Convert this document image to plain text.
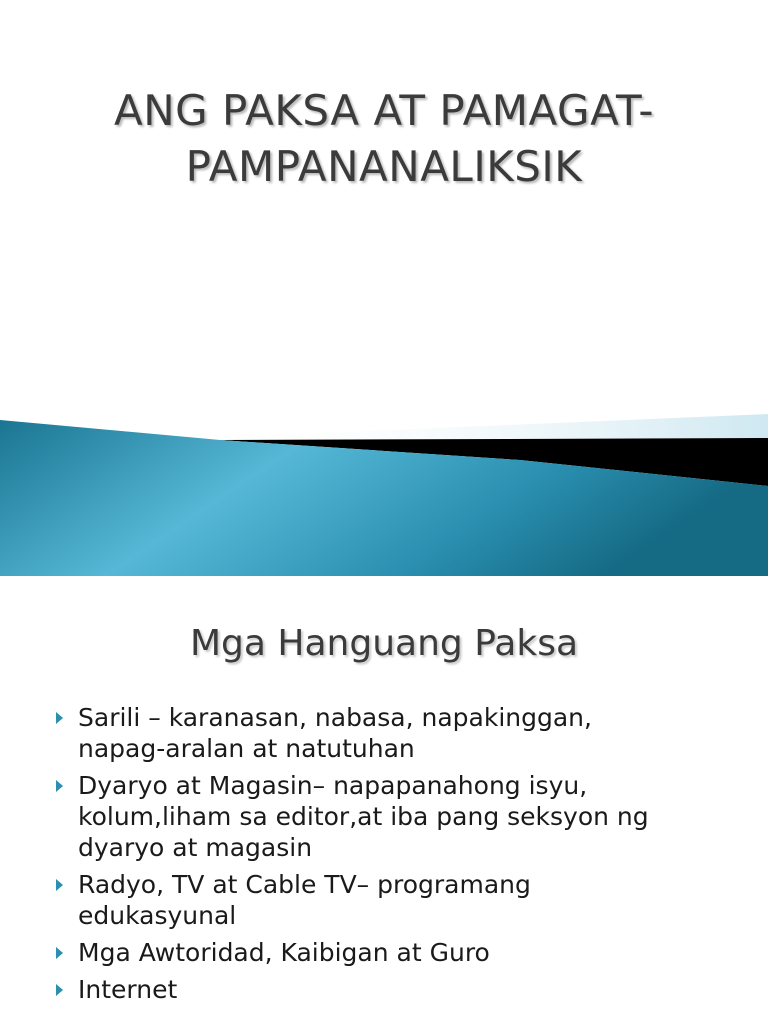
ANG PAKSA AT PAMAGAT-
PAMPANANALIKSIK
Mga Hanguang Paksa
Sarili – karanasan, nabasa, napakinggan,
napag-aralan at natutuhan
Dyaryo at Magasin– napapanahong isyu,
kolum,liham sa editor,at iba pang seksyon ng
dyaryo at magasin
Radyo, TV at Cable TV– programang
edukasyunal
Mga Awtoridad, Kaibigan at Guro
Internet
